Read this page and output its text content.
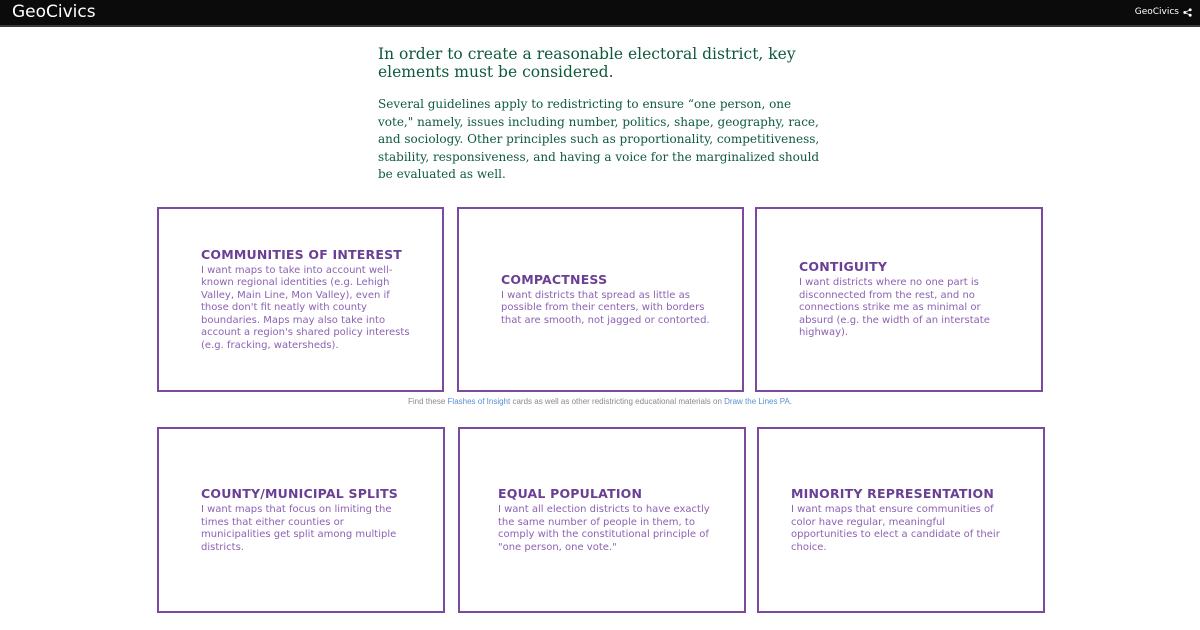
GeoCivics	GeoCivics
In order to create a reasonable electoral district, key elements must be considered.

Several guidelines apply to redistricting to ensure “one person, one vote," namely, issues including number, politics, shape, geography, race, and sociology. Other principles such as proportionality, competitiveness, stability, responsiveness, and having a voice for the marginalized should be evaluated as well.

COMMUNITIES OF INTEREST
I want maps to take into account well-known regional identities (e.g. Lehigh Valley, Main Line, Mon Valley), even if those don't fit neatly with county boundaries. Maps may also take into account a region's shared policy interests (e.g. fracking, watersheds).
COMPACTNESS
I want districts that spread as little as possible from their centers, with borders that are smooth, not jagged or contorted.
CONTIGUITY
I want districts where no one part is disconnected from the rest, and no connections strike me as minimal or absurd (e.g. the width of an interstate highway).
Find these Flashes of Insight cards as well as other redistricting educational materials on Draw the Lines PA.
COUNTY/MUNICIPAL SPLITS
I want maps that focus on limiting the times that either counties or municipalities get split among multiple districts.
EQUAL POPULATION
I want all election districts to have exactly the same number of people in them, to comply with the constitutional principle of "one person, one vote."
MINORITY REPRESENTATION
I want maps that ensure communities of color have regular, meaningful opportunities to elect a candidate of their choice.
